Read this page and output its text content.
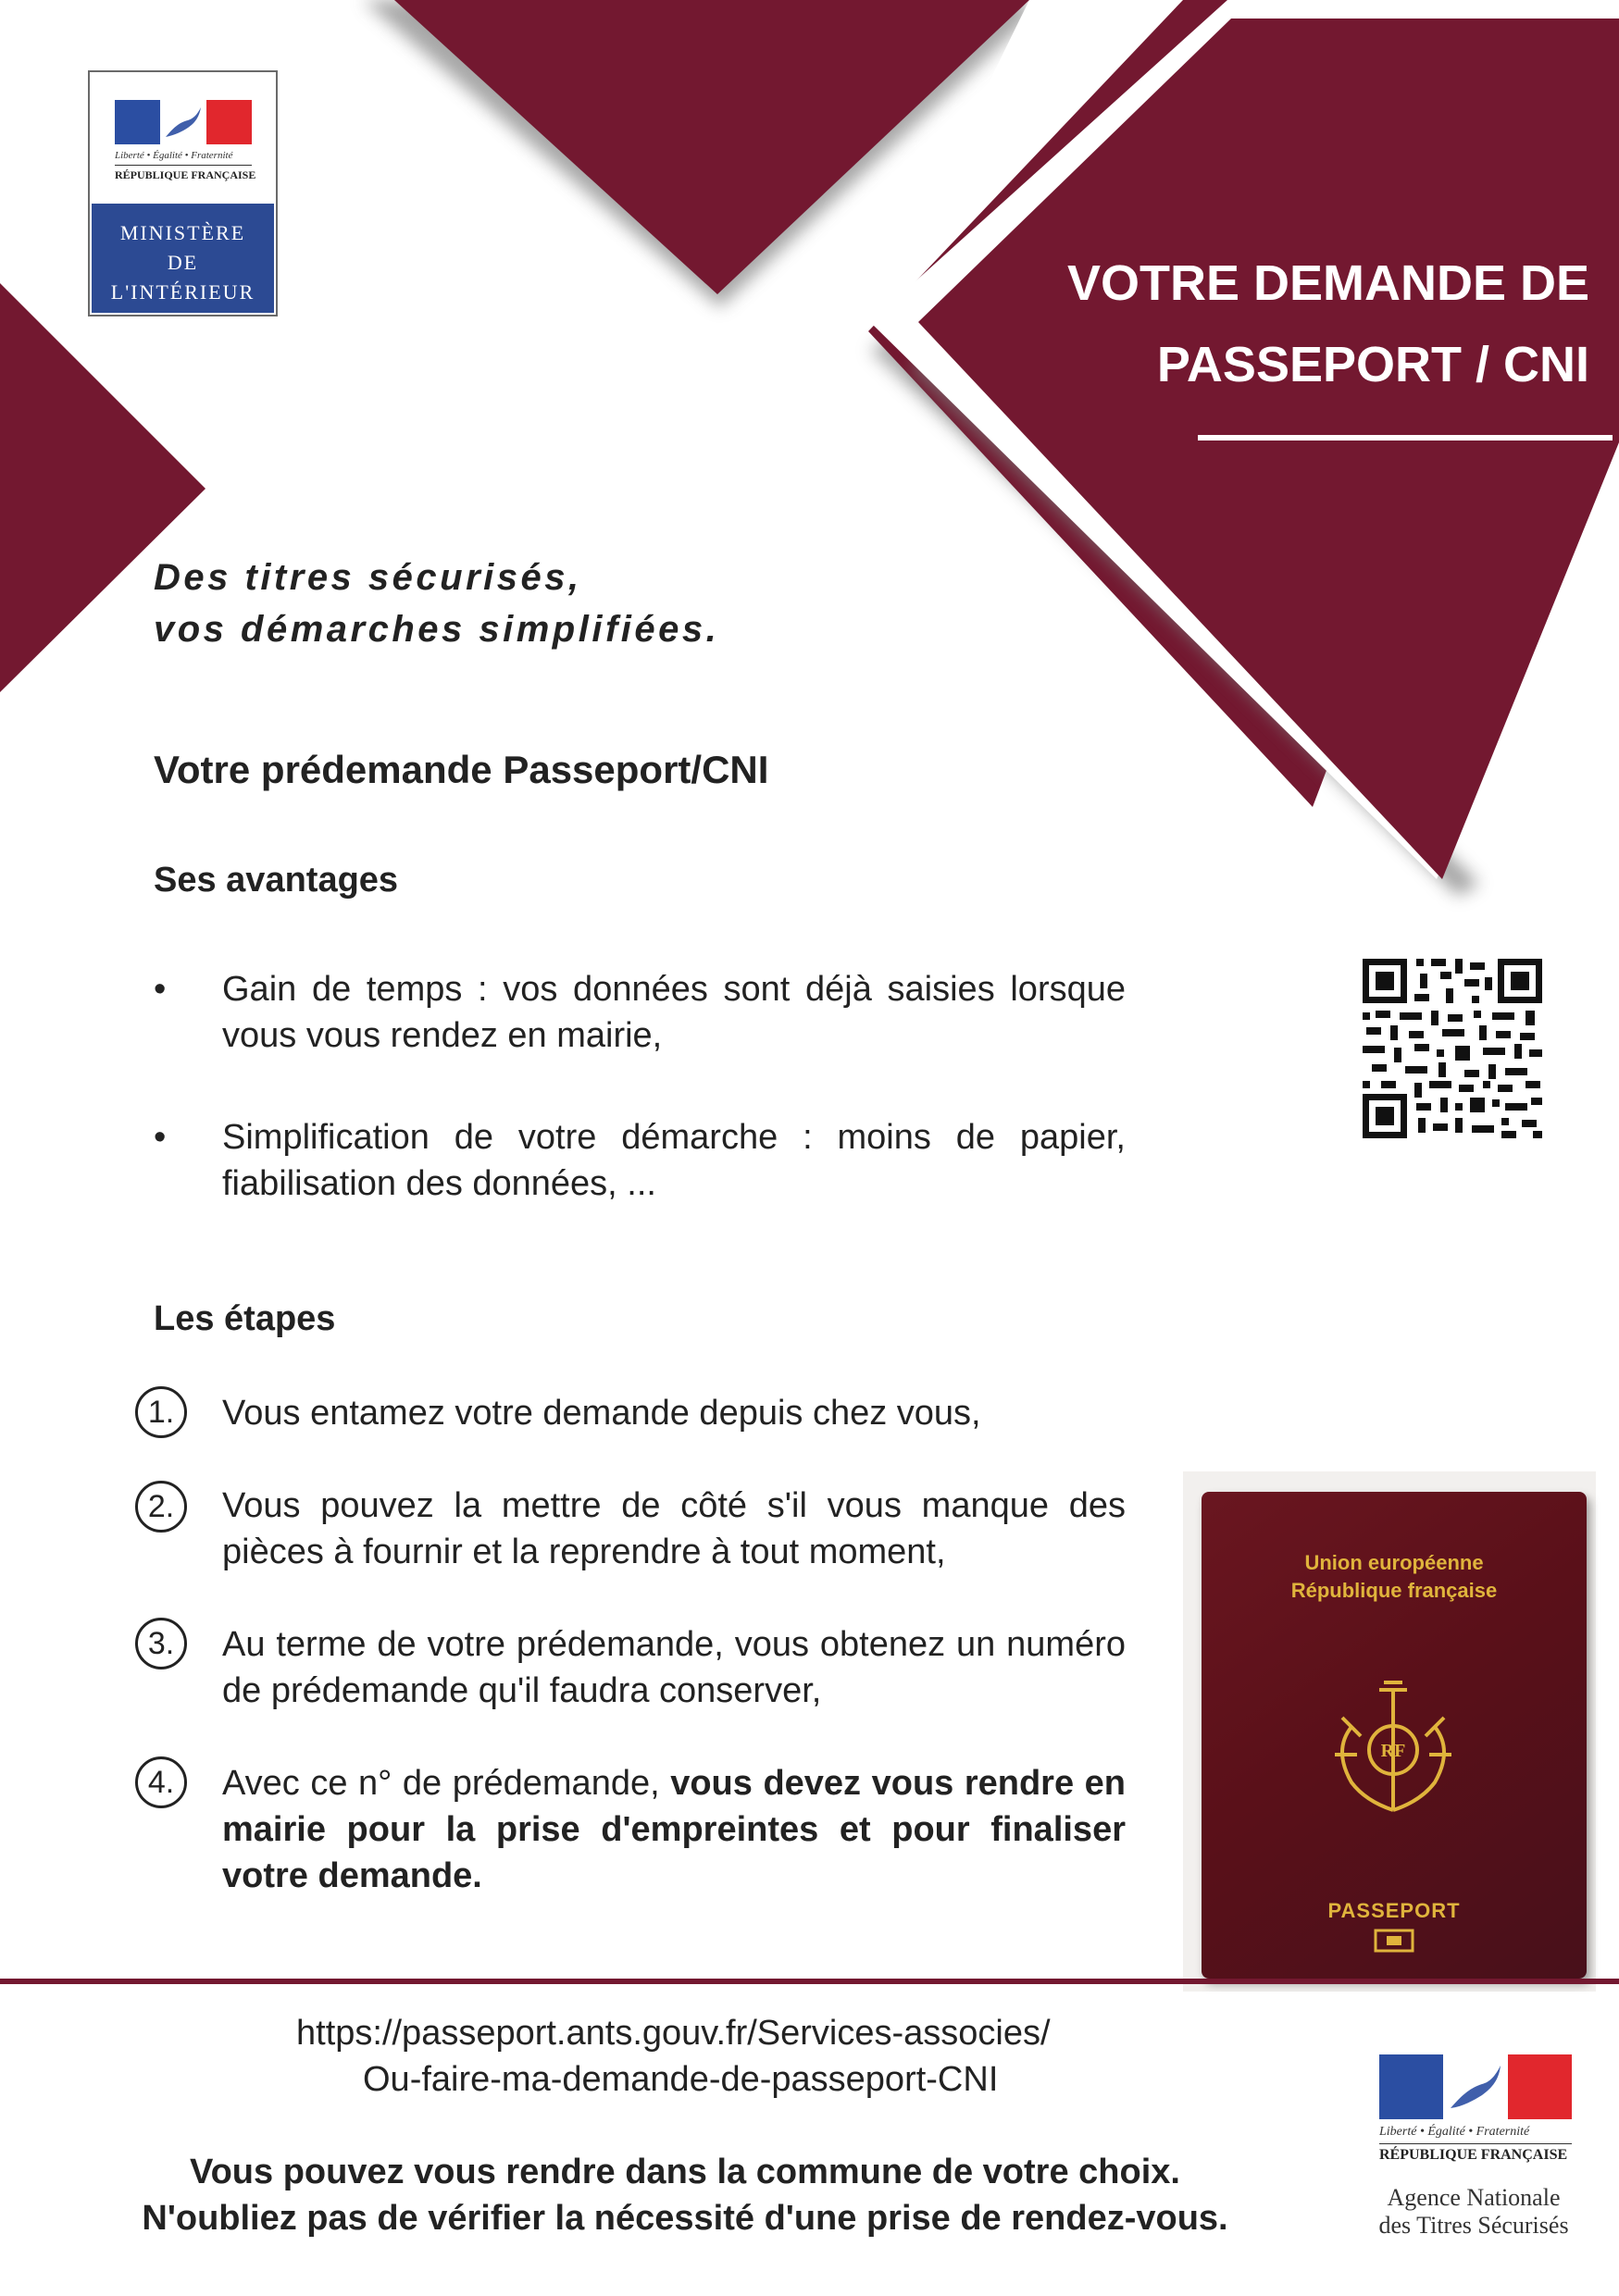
Liberté • Égalité • Fraternité
RÉPUBLIQUE FRANÇAISE
MINISTÈRE
DE
L'INTÉRIEUR	VOTRE DEMANDE DE
PASSEPORT / CNI
Des titres sécurisés,
vos démarches simplifiées.
Votre prédemande Passeport/CNI
Ses avantages
• Gain de temps : vos données sont déjà saisies lorsque vous vous rendez en mairie,
• Simplification de votre démarche : moins de papier, fiabilisation des données, ...
Les étapes
1.	Vous entamez votre demande depuis chez vous,
2.	Vous pouvez la mettre de côté s'il vous manque des pièces à fournir et la reprendre à tout moment,
3.	Au terme de votre prédemande, vous obtenez un numéro de prédemande qu'il faudra conserver,
4.	Avec ce n° de prédemande, vous devez vous rendre en mairie pour la prise d'empreintes et pour finaliser votre demande.
Union européenne
République française
RF
PASSEPORT
https://passeport.ants.gouv.fr/Services-associes/
Ou-faire-ma-demande-de-passeport-CNI
Vous pouvez vous rendre dans la commune de votre choix.
N'oubliez pas de vérifier la nécessité d'une prise de rendez-vous.
Liberté • Égalité • Fraternité
RÉPUBLIQUE FRANÇAISE
Agence Nationale
des Titres Sécurisés
